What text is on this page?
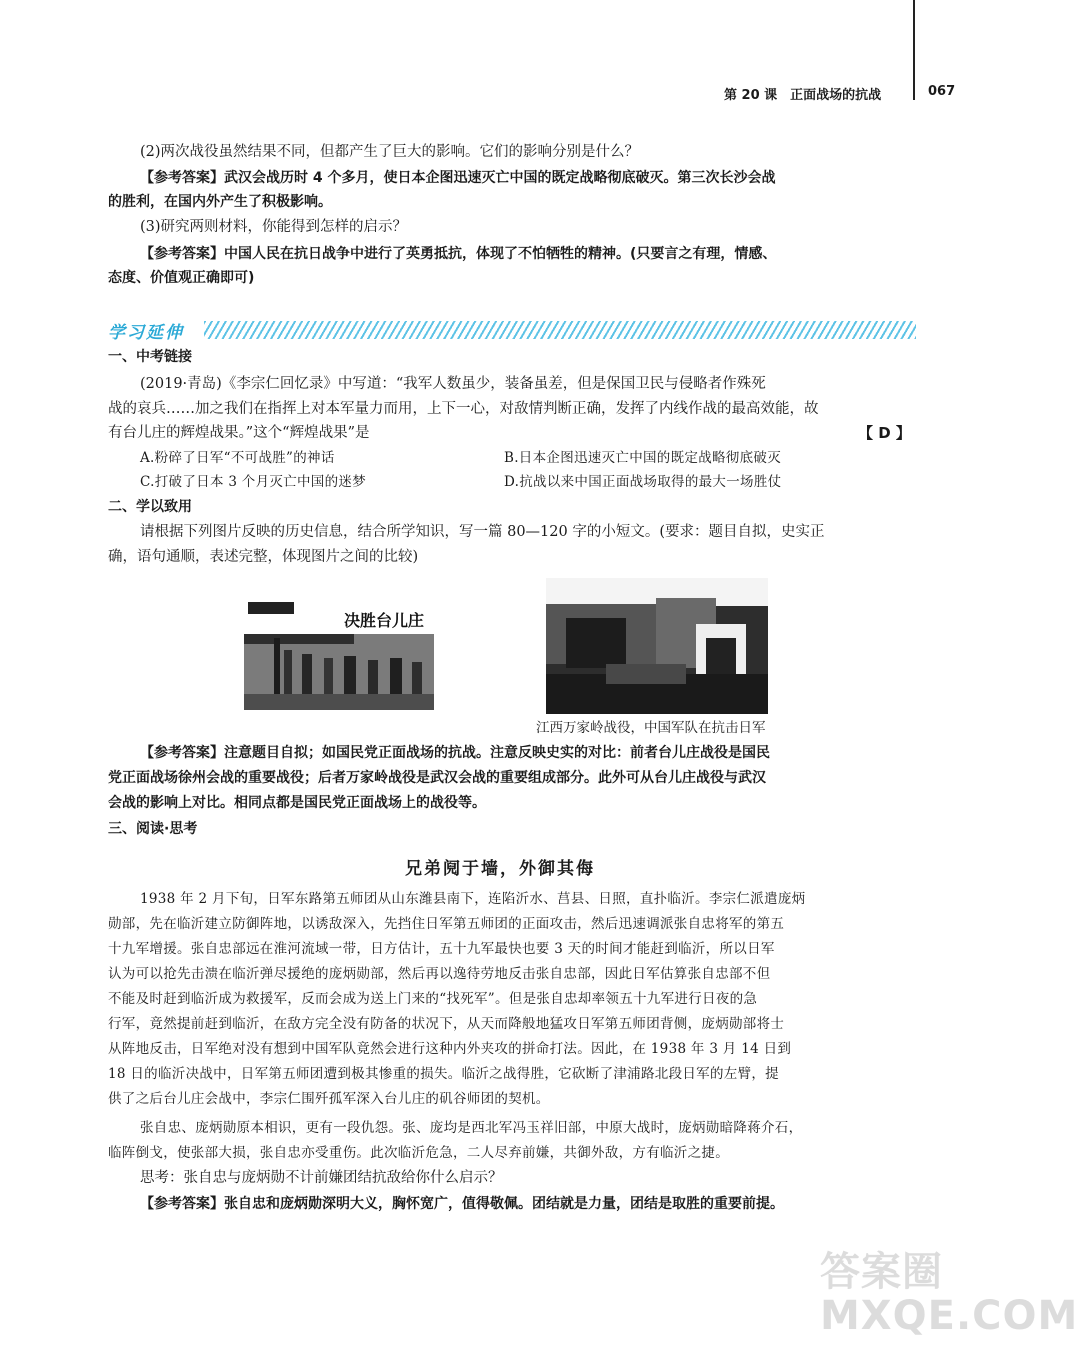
第 20 课　正面战场的抗战	067
(2)两次战役虽然结果不同，但都产生了巨大的影响。它们的影响分别是什么？
【参考答案】武汉会战历时 4 个多月，使日本企图迅速灭亡中国的既定战略彻底破灭。第三次长沙会战
的胜利，在国内外产生了积极影响。
(3)研究两则材料，你能得到怎样的启示？
【参考答案】中国人民在抗日战争中进行了英勇抵抗，体现了不怕牺牲的精神。(只要言之有理，情感、
态度、价值观正确即可)
学习延伸
一、中考链接
(2019·青岛)《李宗仁回忆录》中写道：“我军人数虽少，装备虽差，但是保国卫民与侵略者作殊死
战的哀兵……加之我们在指挥上对本军量力而用，上下一心，对敌情判断正确，发挥了内线作战的最高效能，故
有台儿庄的辉煌战果。”这个“辉煌战果”是	【 D 】
A.粉碎了日军“不可战胜”的神话	B.日本企图迅速灭亡中国的既定战略彻底破灭
C.打破了日本 3 个月灭亡中国的迷梦	D.抗战以来中国正面战场取得的最大一场胜仗
二、学以致用
请根据下列图片反映的历史信息，结合所学知识，写一篇 80—120 字的小短文。(要求：题目自拟，史实正
确，语句通顺，表述完整，体现图片之间的比较)
决胜台儿庄
江西万家岭战役，中国军队在抗击日军
【参考答案】注意题目自拟；如国民党正面战场的抗战。注意反映史实的对比：前者台儿庄战役是国民
党正面战场徐州会战的重要战役；后者万家岭战役是武汉会战的重要组成部分。此外可从台儿庄战役与武汉
会战的影响上对比。相同点都是国民党正面战场上的战役等。
三、阅读·思考
兄弟阋于墙，外御其侮
1938 年 2 月下旬，日军东路第五师团从山东潍县南下，连陷沂水、莒县、日照，直扑临沂。李宗仁派遣庞炳
勋部，先在临沂建立防御阵地，以诱敌深入，先挡住日军第五师团的正面攻击，然后迅速调派张自忠将军的第五
十九军增援。张自忠部远在淮河流域一带，日方估计，五十九军最快也要 3 天的时间才能赶到临沂，所以日军
认为可以抢先击溃在临沂弹尽援绝的庞炳勋部，然后再以逸待劳地反击张自忠部，因此日军估算张自忠部不但
不能及时赶到临沂成为救援军，反而会成为送上门来的“找死军”。但是张自忠却率领五十九军进行日夜的急
行军，竟然提前赶到临沂，在敌方完全没有防备的状况下，从天而降般地猛攻日军第五师团背侧，庞炳勋部将士
从阵地反击，日军绝对没有想到中国军队竟然会进行这种内外夹攻的拼命打法。因此，在 1938 年 3 月 14 日到
18 日的临沂决战中，日军第五师团遭到极其惨重的损失。临沂之战得胜，它砍断了津浦路北段日军的左臂，提
供了之后台儿庄会战中，李宗仁围歼孤军深入台儿庄的矶谷师团的契机。
张自忠、庞炳勋原本相识，更有一段仇怨。张、庞均是西北军冯玉祥旧部，中原大战时，庞炳勋暗降蒋介石，
临阵倒戈，使张部大损，张自忠亦受重伤。此次临沂危急，二人尽弃前嫌，共御外敌，方有临沂之捷。
思考：张自忠与庞炳勋不计前嫌团结抗敌给你什么启示？
【参考答案】张自忠和庞炳勋深明大义，胸怀宽广，值得敬佩。团结就是力量，团结是取胜的重要前提。
答案圈 MXQE.COM
